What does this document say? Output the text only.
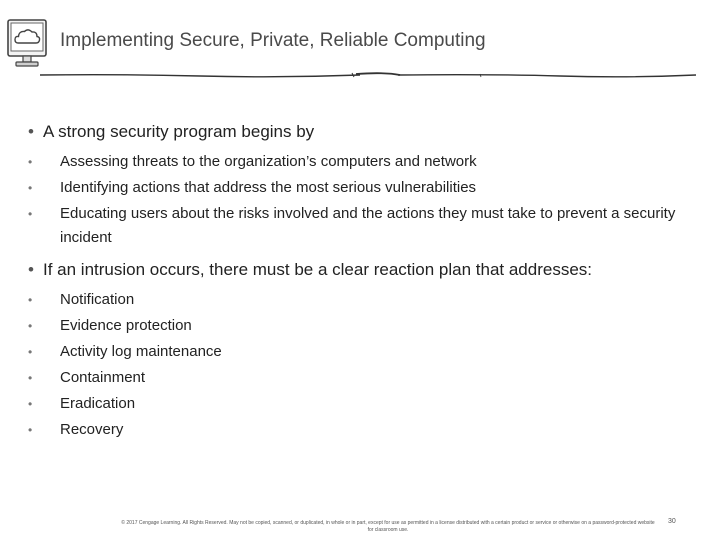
Implementing Secure, Private, Reliable Computing
• A strong security program begins by
• Assessing threats to the organization’s computers and network
• Identifying actions that address the most serious vulnerabilities
• Educating users about the risks involved and the actions they must take to prevent a security incident
• If an intrusion occurs, there must be a clear reaction plan that addresses:
• Notification
• Evidence protection
• Activity log maintenance
• Containment
• Eradication
• Recovery
© 2017 Cengage Learning. All Rights Reserved. May not be copied, scanned, or duplicated, in whole or in part, except for use as permitted in a license distributed with a certain product or service or otherwise on a password-protected website for classroom use.
30
